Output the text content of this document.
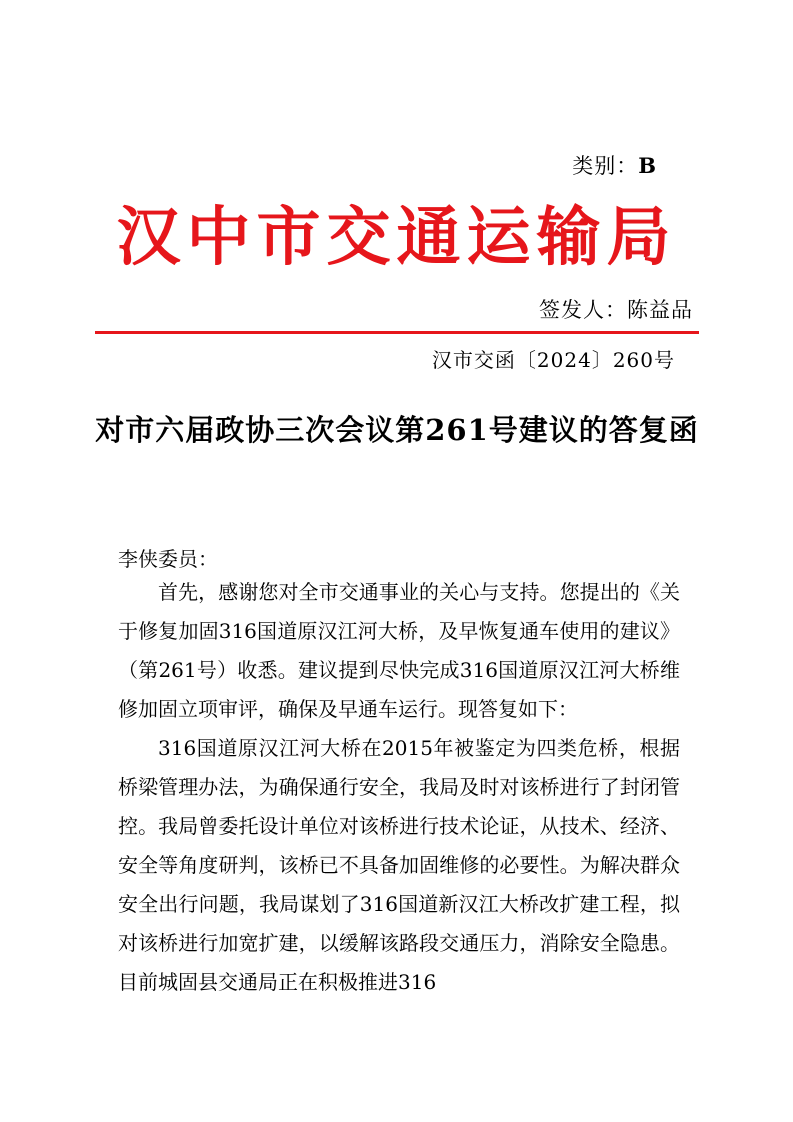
类别：B
汉中市交通运输局
签发人：陈益品
汉市交函〔2024〕260号
对市六届政协三次会议第261号建议的答复函
李侠委员：

首先，感谢您对全市交通事业的关心与支持。您提出的《关于修复加固316国道原汉江河大桥，及早恢复通车使用的建议》（第261号）收悉。建议提到尽快完成316国道原汉江河大桥维修加固立项审评，确保及早通车运行。现答复如下：

316国道原汉江河大桥在2015年被鉴定为四类危桥，根据桥梁管理办法，为确保通行安全，我局及时对该桥进行了封闭管控。我局曾委托设计单位对该桥进行技术论证，从技术、经济、安全等角度研判，该桥已不具备加固维修的必要性。为解决群众安全出行问题，我局谋划了316国道新汉江大桥改扩建工程，拟对该桥进行加宽扩建，以缓解该路段交通压力，消除安全隐患。目前城固县交通局正在积极推进316
